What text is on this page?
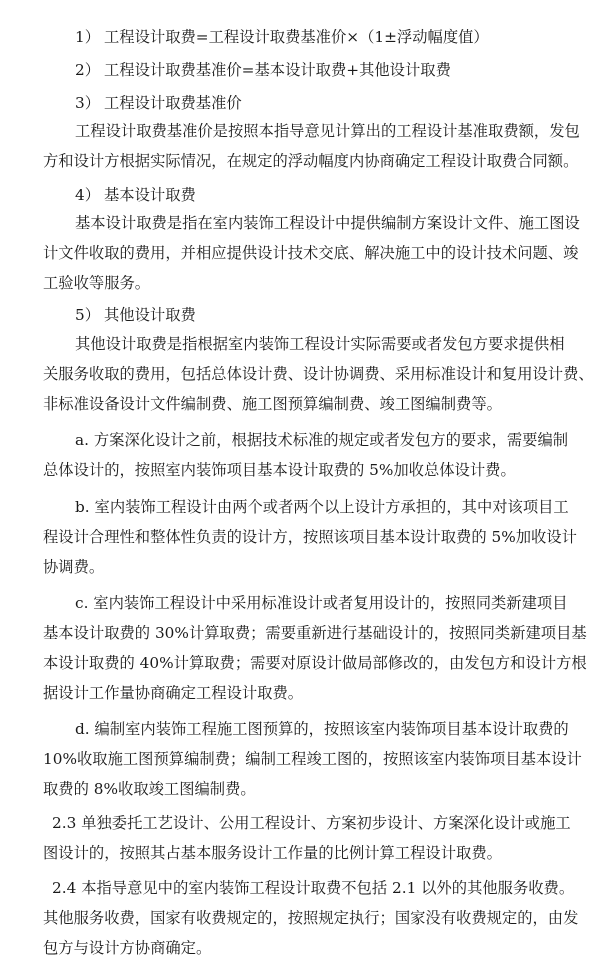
1） 工程设计取费=工程设计取费基准价×（1±浮动幅度值）
2） 工程设计取费基准价=基本设计取费+其他设计取费
3） 工程设计取费基准价
工程设计取费基准价是按照本指导意见计算出的工程设计基准取费额，发包
方和设计方根据实际情况，在规定的浮动幅度内协商确定工程设计取费合同额。
4） 基本设计取费
基本设计取费是指在室内装饰工程设计中提供编制方案设计文件、施工图设
计文件收取的费用，并相应提供设计技术交底、解决施工中的设计技术问题、竣
工验收等服务。
5） 其他设计取费
其他设计取费是指根据室内装饰工程设计实际需要或者发包方要求提供相
关服务收取的费用，包括总体设计费、设计协调费、采用标准设计和复用设计费、
非标准设备设计文件编制费、施工图预算编制费、竣工图编制费等。
a. 方案深化设计之前，根据技术标准的规定或者发包方的要求，需要编制
总体设计的，按照室内装饰项目基本设计取费的 5%加收总体设计费。
b. 室内装饰工程设计由两个或者两个以上设计方承担的，其中对该项目工
程设计合理性和整体性负责的设计方，按照该项目基本设计取费的 5%加收设计
协调费。
c. 室内装饰工程设计中采用标准设计或者复用设计的，按照同类新建项目
基本设计取费的 30%计算取费；需要重新进行基础设计的，按照同类新建项目基
本设计取费的 40%计算取费；需要对原设计做局部修改的，由发包方和设计方根
据设计工作量协商确定工程设计取费。
d. 编制室内装饰工程施工图预算的，按照该室内装饰项目基本设计取费的
10%收取施工图预算编制费；编制工程竣工图的，按照该室内装饰项目基本设计
取费的 8%收取竣工图编制费。
2.3 单独委托工艺设计、公用工程设计、方案初步设计、方案深化设计或施工
图设计的，按照其占基本服务设计工作量的比例计算工程设计取费。
2.4 本指导意见中的室内装饰工程设计取费不包括 2.1 以外的其他服务收费。
其他服务收费，国家有收费规定的，按照规定执行；国家没有收费规定的，由发
包方与设计方协商确定。
